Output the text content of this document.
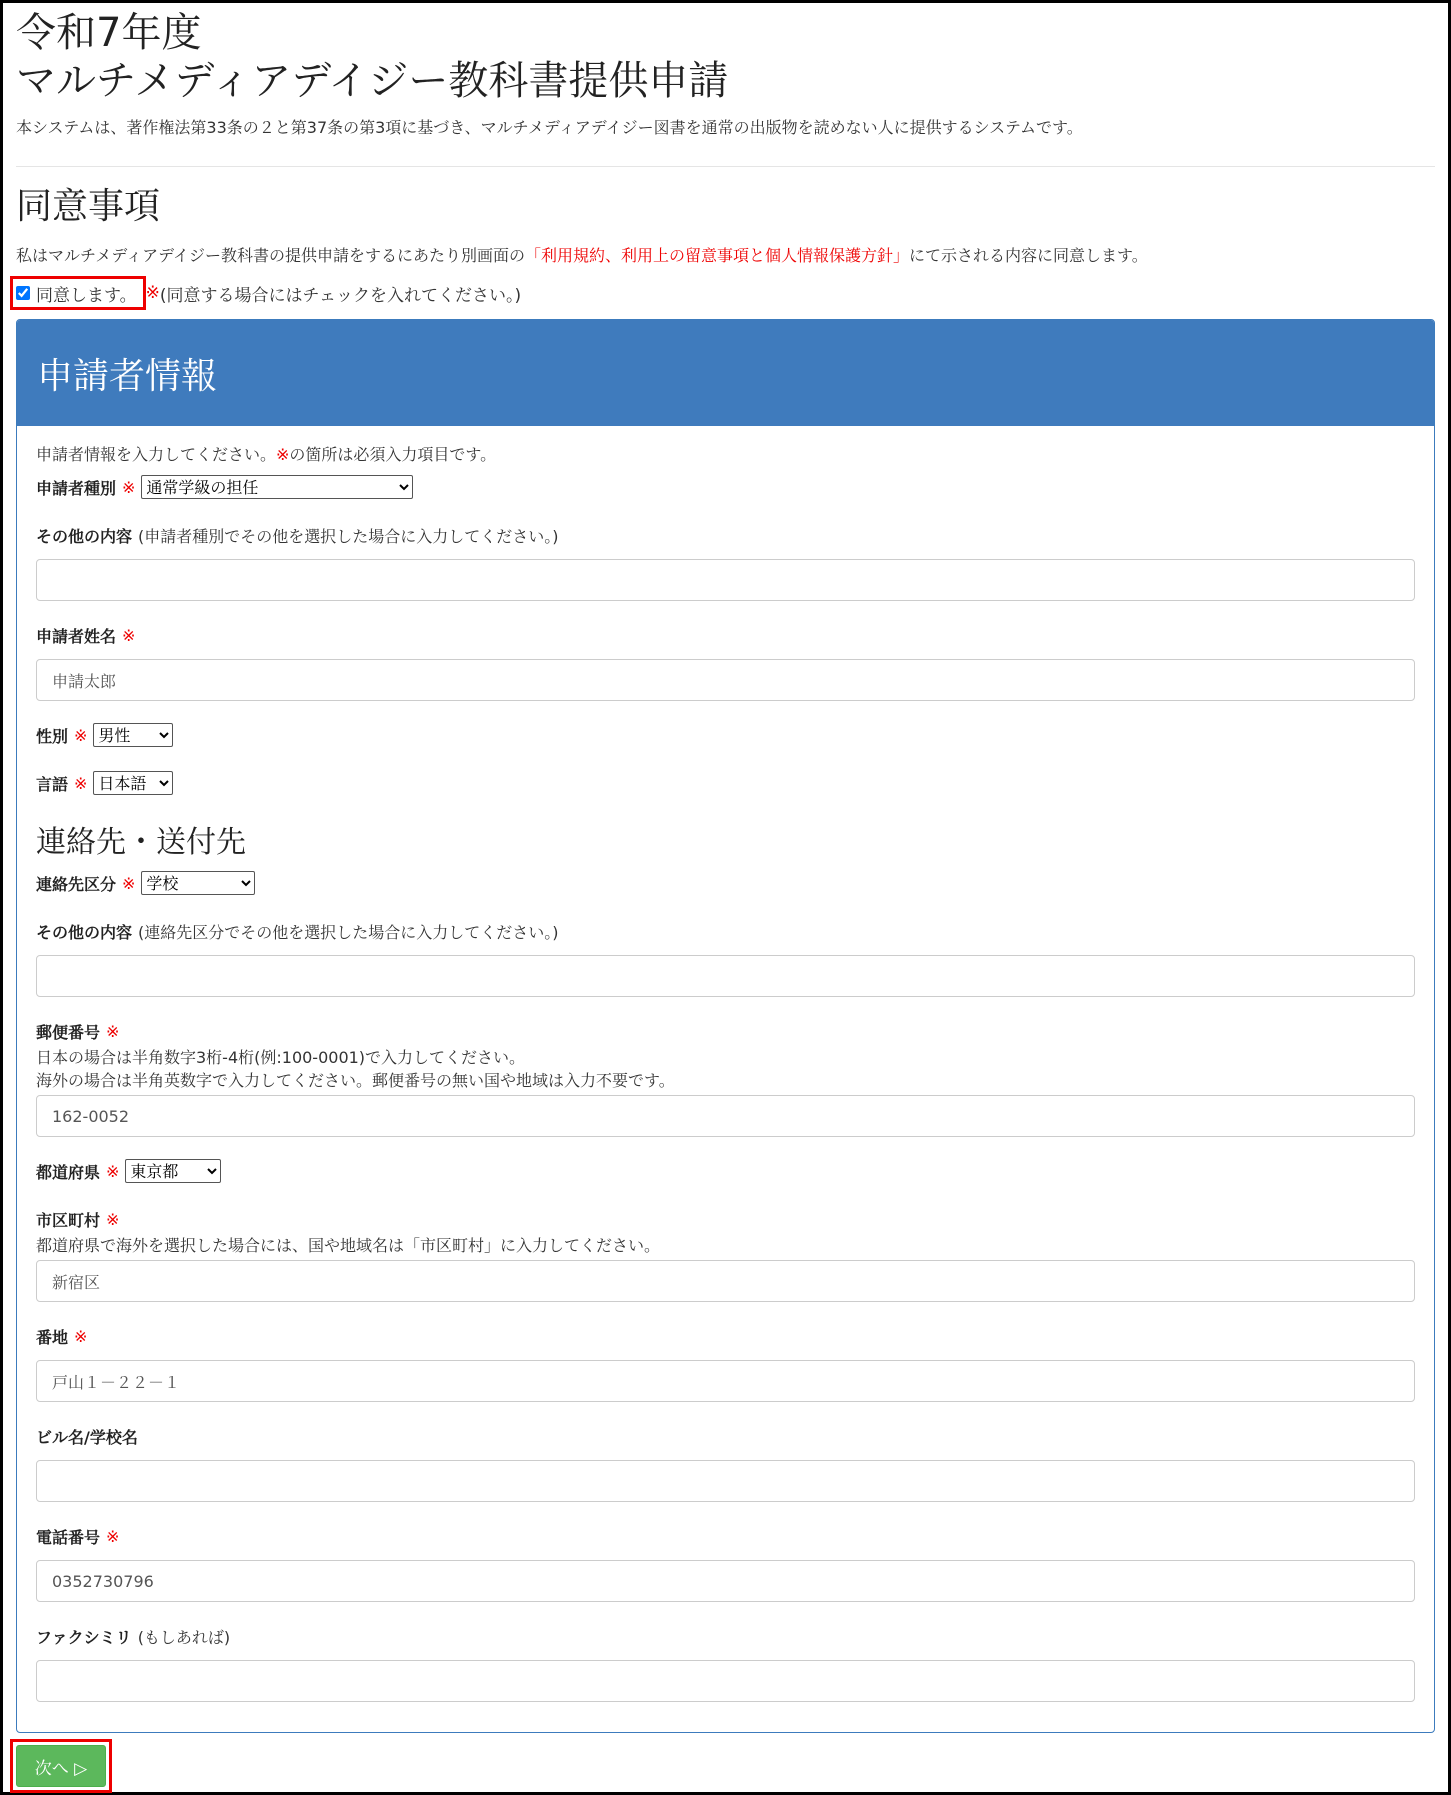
令和7年度
マルチメディアデイジー教科書提供申請

本システムは、著作権法第33条の２と第37条の第3項に基づき、マルチメディアデイジー図書を通常の出版物を読めない人に提供するシステムです。

同意事項

私はマルチメディアデイジー教科書の提供申請をするにあたり別画面の「利用規約、利用上の留意事項と個人情報保護方針」にて示される内容に同意します。

同意します。 ※ (同意する場合にはチェックを入れてください。)
申請者情報
申請者情報を入力してください。※の箇所は必須入力項目です。
申請者種別 ※
通常学級の担任
その他の内容 (申請者種別でその他を選択した場合に入力してください。)
申請者姓名 ※
申請太郎
性別 ※
男性
言語 ※
日本語
連絡先・送付先
連絡先区分 ※
学校
その他の内容 (連絡先区分でその他を選択した場合に入力してください。)
郵便番号 ※
日本の場合は半角数字3桁-4桁(例:100-0001)で入力してください。
海外の場合は半角英数字で入力してください。郵便番号の無い国や地域は入力不要です。
162-0052
都道府県 ※
東京都
市区町村 ※
都道府県で海外を選択した場合には、国や地域名は「市区町村」に入力してください。
新宿区
番地 ※
戸山１－２２－１
ビル名/学校名
電話番号 ※
0352730796
ファクシミリ (もしあれば)
次へ ▷
